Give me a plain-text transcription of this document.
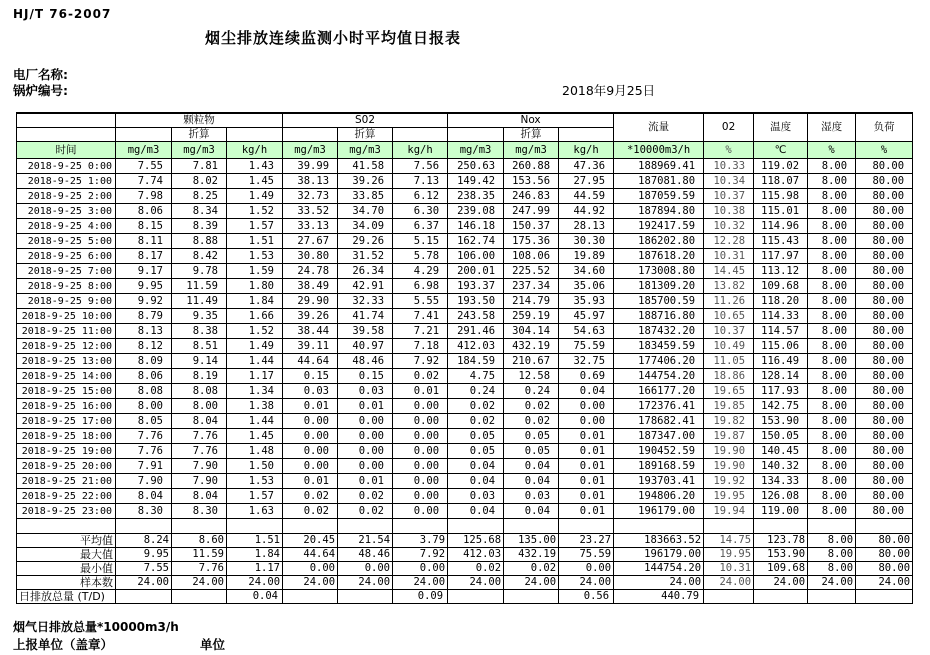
HJ/T 76-2007
烟尘排放连续监测小时平均值日报表
电厂名称:
锅炉编号:	2018年9月25日
	颗粒物			S02			Nox			流量	02	温度	湿度	负荷
		折算			折算			折算						
时间	mg/m3	mg/m3	kg/h	mg/m3	mg/m3	kg/h	mg/m3	mg/m3	kg/h	*10000m3/h	%	℃	%	%
2018-9-25 0:00	7.55	7.81	1.43	39.99	41.58	7.56	250.63	260.88	47.36	188969.41	10.33	119.02	8.00	80.00
2018-9-25 1:00	7.74	8.02	1.45	38.13	39.26	7.13	149.42	153.56	27.95	187081.80	10.34	118.07	8.00	80.00
2018-9-25 2:00	7.98	8.25	1.49	32.73	33.85	6.12	238.35	246.83	44.59	187059.59	10.37	115.98	8.00	80.00
2018-9-25 3:00	8.06	8.34	1.52	33.52	34.70	6.30	239.08	247.99	44.92	187894.80	10.38	115.01	8.00	80.00
2018-9-25 4:00	8.15	8.39	1.57	33.13	34.09	6.37	146.18	150.37	28.13	192417.59	10.32	114.96	8.00	80.00
2018-9-25 5:00	8.11	8.88	1.51	27.67	29.26	5.15	162.74	175.36	30.30	186202.80	12.28	115.43	8.00	80.00
2018-9-25 6:00	8.17	8.42	1.53	30.80	31.52	5.78	106.00	108.06	19.89	187618.20	10.31	117.97	8.00	80.00
2018-9-25 7:00	9.17	9.78	1.59	24.78	26.34	4.29	200.01	225.52	34.60	173008.80	14.45	113.12	8.00	80.00
2018-9-25 8:00	9.95	11.59	1.80	38.49	42.91	6.98	193.37	237.34	35.06	181309.20	13.82	109.68	8.00	80.00
2018-9-25 9:00	9.92	11.49	1.84	29.90	32.33	5.55	193.50	214.79	35.93	185700.59	11.26	118.20	8.00	80.00
2018-9-25 10:00	8.79	9.35	1.66	39.26	41.74	7.41	243.58	259.19	45.97	188716.80	10.65	114.33	8.00	80.00
2018-9-25 11:00	8.13	8.38	1.52	38.44	39.58	7.21	291.46	304.14	54.63	187432.20	10.37	114.57	8.00	80.00
2018-9-25 12:00	8.12	8.51	1.49	39.11	40.97	7.18	412.03	432.19	75.59	183459.59	10.49	115.06	8.00	80.00
2018-9-25 13:00	8.09	9.14	1.44	44.64	48.46	7.92	184.59	210.67	32.75	177406.20	11.05	116.49	8.00	80.00
2018-9-25 14:00	8.06	8.19	1.17	0.15	0.15	0.02	4.75	12.58	0.69	144754.20	18.86	128.14	8.00	80.00
2018-9-25 15:00	8.08	8.08	1.34	0.03	0.03	0.01	0.24	0.24	0.04	166177.20	19.65	117.93	8.00	80.00
2018-9-25 16:00	8.00	8.00	1.38	0.01	0.01	0.00	0.02	0.02	0.00	172376.41	19.85	142.75	8.00	80.00
2018-9-25 17:00	8.05	8.04	1.44	0.00	0.00	0.00	0.02	0.02	0.00	178682.41	19.82	153.90	8.00	80.00
2018-9-25 18:00	7.76	7.76	1.45	0.00	0.00	0.00	0.05	0.05	0.01	187347.00	19.87	150.05	8.00	80.00
2018-9-25 19:00	7.76	7.76	1.48	0.00	0.00	0.00	0.05	0.05	0.01	190452.59	19.90	140.45	8.00	80.00
2018-9-25 20:00	7.91	7.90	1.50	0.00	0.00	0.00	0.04	0.04	0.01	189168.59	19.90	140.32	8.00	80.00
2018-9-25 21:00	7.90	7.90	1.53	0.01	0.01	0.00	0.04	0.04	0.01	193703.41	19.92	134.33	8.00	80.00
2018-9-25 22:00	8.04	8.04	1.57	0.02	0.02	0.00	0.03	0.03	0.01	194806.20	19.95	126.08	8.00	80.00
2018-9-25 23:00	8.30	8.30	1.63	0.02	0.02	0.00	0.04	0.04	0.01	196179.00	19.94	119.00	8.00	80.00

平均值	8.24	8.60	1.51	20.45	21.54	3.79	125.68	135.00	23.27	183663.52	14.75	123.78	8.00	80.00
最大值	9.95	11.59	1.84	44.64	48.46	7.92	412.03	432.19	75.59	196179.00	19.95	153.90	8.00	80.00
最小值	7.55	7.76	1.17	0.00	0.00	0.00	0.02	0.02	0.00	144754.20	10.31	109.68	8.00	80.00
样本数	24.00	24.00	24.00	24.00	24.00	24.00	24.00	24.00	24.00	24.00	24.00	24.00	24.00	24.00
日排放总量 (T/D)			0.04			0.09			0.56	440.79				
烟气日排放总量*10000m3/h
上报单位（盖章）	单位
